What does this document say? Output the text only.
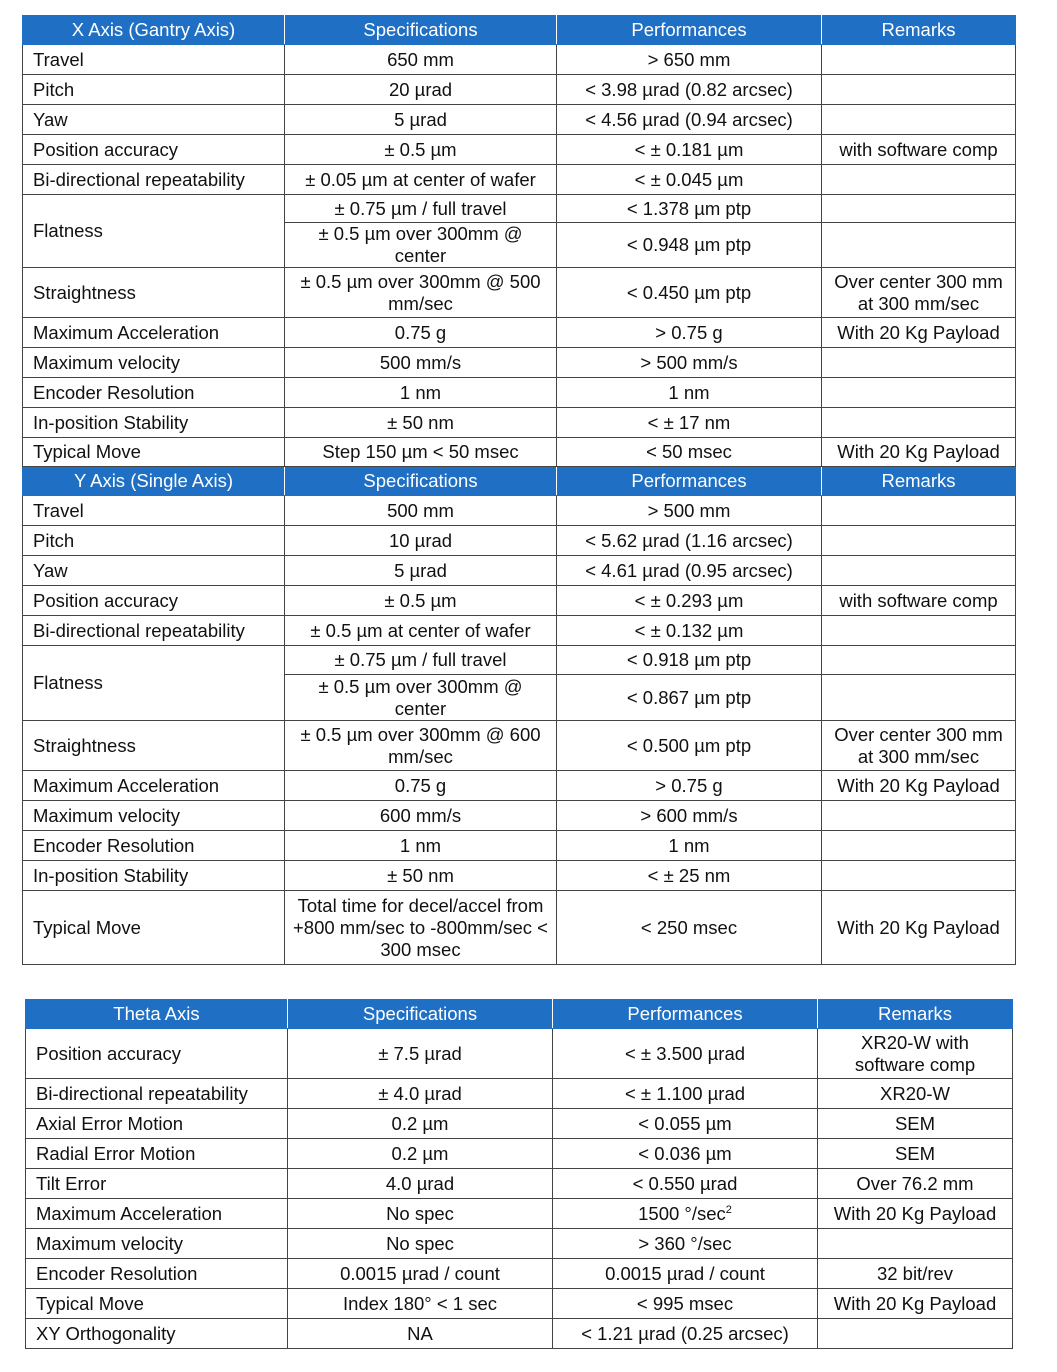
X Axis (Gantry Axis)	Specifications	Performances	Remarks
Travel	650 mm	> 650 mm	
Pitch	20 µrad	< 3.98 µrad (0.82 arcsec)	
Yaw	5 µrad	< 4.56 µrad (0.94 arcsec)	
Position accuracy	± 0.5 µm	< ± 0.181 µm	with software comp
Bi-directional repeatability	± 0.05 µm at center of wafer	< ± 0.045 µm	
Flatness	± 0.75 µm / full travel	< 1.378 µm ptp	
	± 0.5 µm over 300mm @ center	< 0.948 µm ptp	
Straightness	± 0.5 µm over 300mm @ 500 mm/sec	< 0.450 µm ptp	Over center 300 mm at 300 mm/sec
Maximum Acceleration	0.75 g	> 0.75 g	With 20 Kg Payload
Maximum velocity	500 mm/s	> 500 mm/s	
Encoder Resolution	1 nm	1 nm	
In-position Stability	± 50 nm	< ± 17 nm	
Typical Move	Step 150 µm < 50 msec	< 50 msec	With 20 Kg Payload
Y Axis (Single Axis)	Specifications	Performances	Remarks
Travel	500 mm	> 500 mm	
Pitch	10 µrad	< 5.62 µrad (1.16 arcsec)	
Yaw	5 µrad	< 4.61 µrad (0.95 arcsec)	
Position accuracy	± 0.5 µm	< ± 0.293 µm	with software comp
Bi-directional repeatability	± 0.5 µm at center of wafer	< ± 0.132 µm	
Flatness	± 0.75 µm / full travel	< 0.918 µm ptp	
	± 0.5 µm over 300mm @ center	< 0.867 µm ptp	
Straightness	± 0.5 µm over 300mm @ 600 mm/sec	< 0.500 µm ptp	Over center 300 mm at 300 mm/sec
Maximum Acceleration	0.75 g	> 0.75 g	With 20 Kg Payload
Maximum velocity	600 mm/s	> 600 mm/s	
Encoder Resolution	1 nm	1 nm	
In-position Stability	± 50 nm	< ± 25 nm	
Typical Move	Total time for decel/accel from +800 mm/sec to -800mm/sec < 300 msec	< 250 msec	With 20 Kg Payload
Theta Axis	Specifications	Performances	Remarks
Position accuracy	± 7.5 µrad	< ± 3.500 µrad	XR20-W with software comp
Bi-directional repeatability	± 4.0 µrad	< ± 1.100 µrad	XR20-W
Axial Error Motion	0.2 µm	< 0.055 µm	SEM
Radial Error Motion	0.2 µm	< 0.036 µm	SEM
Tilt Error	4.0 µrad	< 0.550 µrad	Over 76.2 mm
Maximum Acceleration	No spec	1500 $^\circ/\sec^2$	With 20 Kg Payload
Maximum velocity	No spec	> 360 °/sec	
Encoder Resolution	0.0015 µrad / count	0.0015 µrad / count	32 bit/rev
Typical Move	Index 180° < 1 sec	< 995 msec	With 20 Kg Payload
XY Orthogonality	NA	< 1.21 µrad (0.25 arcsec)	
